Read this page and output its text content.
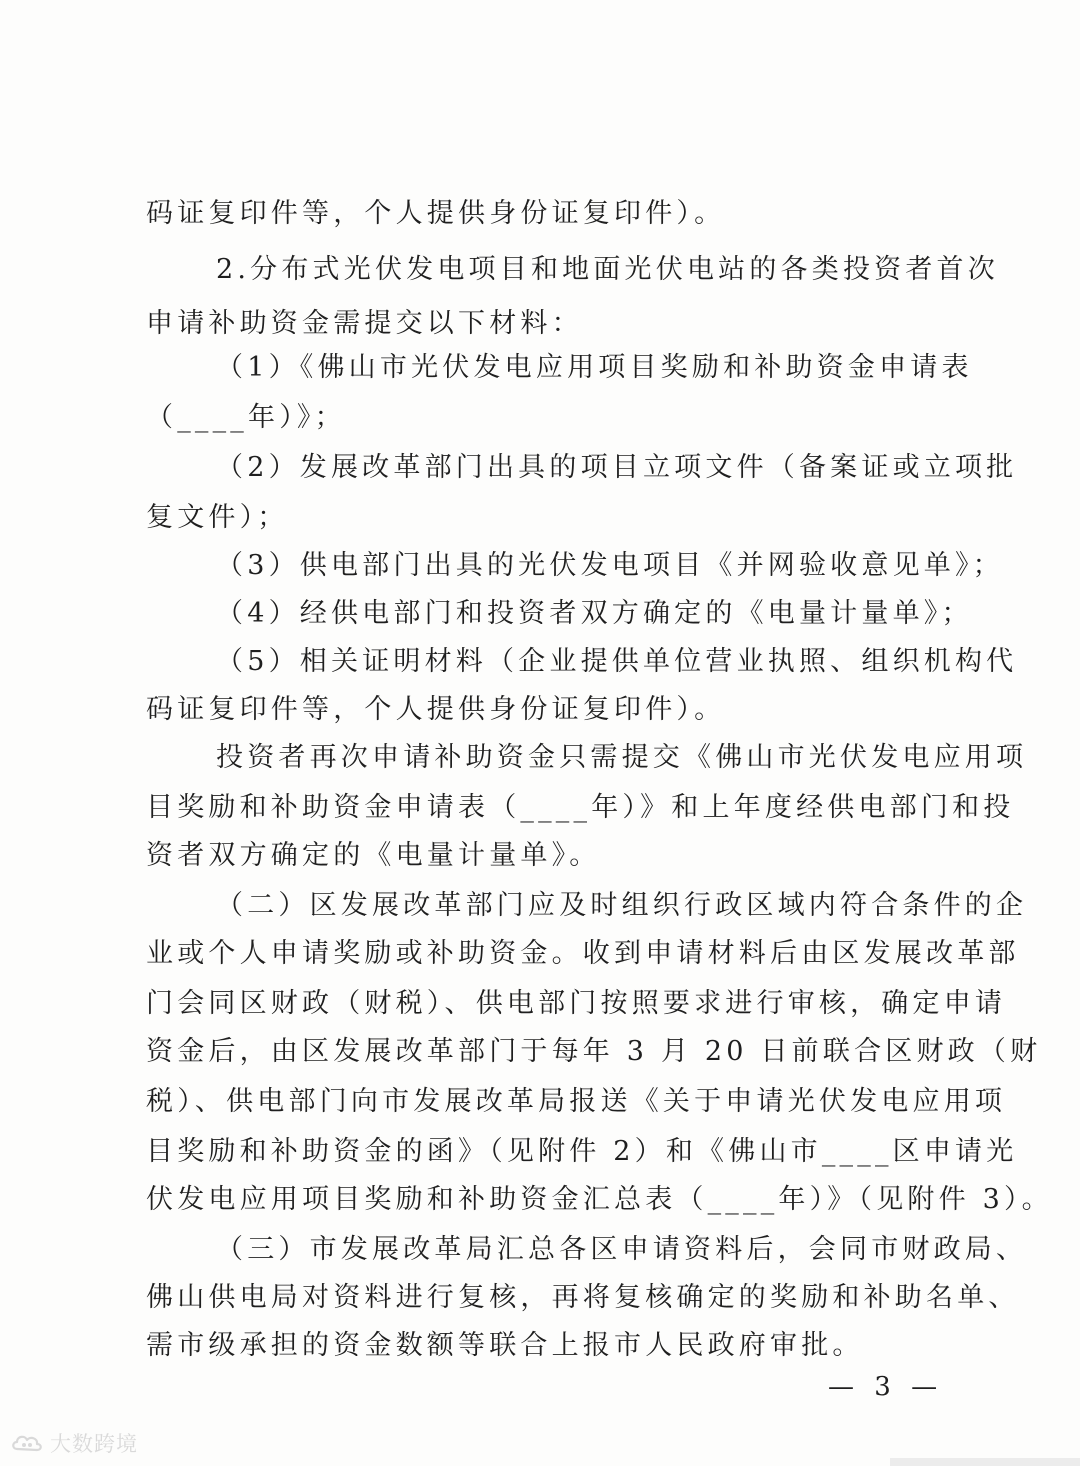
码证复印件等，个人提供身份证复印件）。
2.分布式光伏发电项目和地面光伏电站的各类投资者首次
申请补助资金需提交以下材料：
（1）《佛山市光伏发电应用项目奖励和补助资金申请表
（____年）》；
（2）发展改革部门出具的项目立项文件（备案证或立项批
复文件）；
（3）供电部门出具的光伏发电项目《并网验收意见单》；
（4）经供电部门和投资者双方确定的《电量计量单》；
（5）相关证明材料（企业提供单位营业执照、组织机构代
码证复印件等，个人提供身份证复印件）。
投资者再次申请补助资金只需提交《佛山市光伏发电应用项
目奖励和补助资金申请表（____年）》和上年度经供电部门和投
资者双方确定的《电量计量单》。
（二）区发展改革部门应及时组织行政区域内符合条件的企
业或个人申请奖励或补助资金。收到申请材料后由区发展改革部
门会同区财政（财税）、供电部门按照要求进行审核，确定申请
资金后，由区发展改革部门于每年 3 月 20 日前联合区财政（财
税）、供电部门向市发展改革局报送《关于申请光伏发电应用项
目奖励和补助资金的函》（见附件 2）和《佛山市____区申请光
伏发电应用项目奖励和补助资金汇总表（____年）》（见附件 3）。
（三）市发展改革局汇总各区申请资料后，会同市财政局、
佛山供电局对资料进行复核，再将复核确定的奖励和补助名单、
需市级承担的资金数额等联合上报市人民政府审批。
— 3 —
大数跨境
